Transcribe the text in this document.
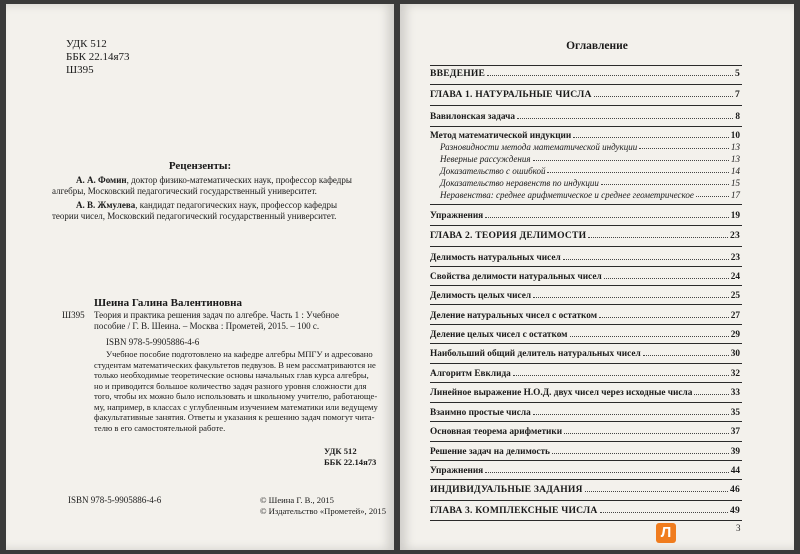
УДК 512
ББК 22.14я73
Ш395
Рецензенты:
А. А. Фомин, доктор физико-математических наук, профессор кафедры
алгебры, Московский педагогический государственный университет.
А. В. Жмулева, кандидат педагогических наук, профессор кафедры
теории чисел, Московский педагогический государственный университет.
Шеина Галина Валентиновна
Ш395 Теория и практика решения задач по алгебре. Часть 1 : Учебное
пособие / Г. В. Шеина. – Москва : Прометей, 2015. – 100 с.
ISBN 978-5-9905886-4-6

Учебное пособие подготовлено на кафедре алгебры МПГУ и адресовано

студентам математических факультетов педвузов. В нем рассматриваются не

только необходимые теоретические основы начальных глав курса алгебры,

но и приводится большое количество задач разного уровня сложности для

того, чтобы их можно было использовать и школьному учителю, работающе-

му, например, в классах с углубленным изучением математики или ведущему

факультативные занятия. Ответы и указания к решению задач помогут чита-

телю в его самостоятельной работе.

УДК 512
ББК 22.14я73
ISBN 978-5-9905886-4-6	© Шеина Г. В., 2015
© Издательство «Прометей», 2015
Оглавление
ВВЕДЕНИЕ	5
ГЛАВА 1. НАТУРАЛЬНЫЕ ЧИСЛА	7
Вавилонская задача	8
Метод математической индукции	10
Разновидности метода математической индукции	13
Неверные рассуждения	13
Доказательство с ошибкой	14
Доказательство неравенств по индукции	15
Неравенства: среднее арифметическое и среднее геометрическое	17
Упражнения	19
ГЛАВА 2. ТЕОРИЯ ДЕЛИМОСТИ	23
Делимость натуральных чисел	23
Свойства делимости натуральных чисел	24
Делимость целых чисел	25
Деление натуральных чисел с остатком	27
Деление целых чисел с остатком	29
Наибольший общий делитель натуральных чисел	30
Алгоритм Евклида	32
Линейное выражение Н.О.Д. двух чисел через исходные числа	33
Взаимно простые числа	35
Основная теорема арифметики	37
Решение задач на делимость	39
Упражнения	44
ИНДИВИДУАЛЬНЫЕ ЗАДАНИЯ	46
ГЛАВА 3. КОМПЛЕКСНЫЕ ЧИСЛА	49
Л	3
